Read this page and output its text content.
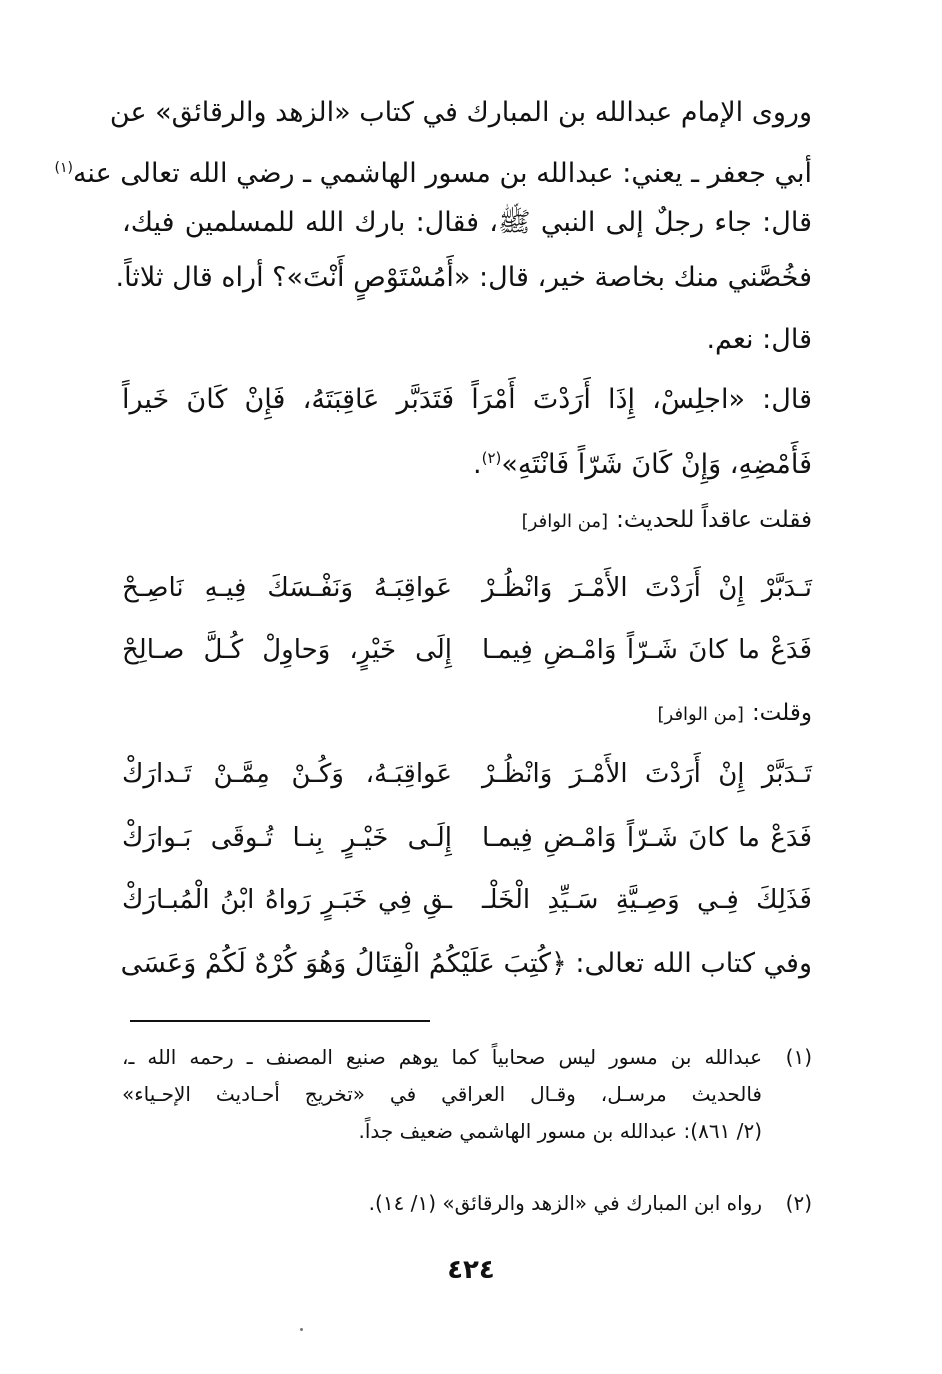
وروى الإمام عبدالله بن المبارك في كتاب «الزهد والرقائق» عن
أبي جعفر ـ يعني: عبدالله بن مسور الهاشمي ـ رضي الله تعالى عنه$^{(١)}$
قال: جاء رجلٌ إلى النبي ﷺ، فقال: بارك الله للمسلمين فيك،
فخُصَّني منك بخاصة خير، قال: «أَمُسْتَوْصٍ أَنْتَ»؟ أراه قال ثلاثاً.
قال: نعم.
قال: «اجلِسْ، إِذَا أَرَدْتَ أَمْرَاً فَتَدَبَّر عَاقِبَتَهُ، فَإِنْ كَانَ خَيراً
فَأَمْضِهِ، وَإِنْ كَانَ شَرّاً فَانْتَهِ»$^{(٢)}$.
فقلت عاقداً للحديث:[من الوافر]
تَـدَبَّرْ إِنْ أَرَدْتَ الأَمْـرَ وَانْظُـرْ
عَواقِبَـهُ وَنَفْـسَكَ فِيـهِ نَاصِـحْ
فَدَعْ ما كانَ شَـرّاً وَامْـضِ فِيمـا
إِلَى خَيْرٍ، وَحاوِلْ كُـلَّ صـالِحْ
وقلت:[من الوافر]
تَـدَبَّرْ إِنْ أَرَدْتَ الأَمْـرَ وَانْظُـرْ
عَواقِبَـهُ، وَكُـنْ مِمَّـنْ تَـدارَكْ
فَدَعْ ما كانَ شَـرّاً وَامْـضِ فِيمـا
إِلَـى خَيْـرٍ بِنـا تُـوقَى بَـوارَكْ
فَذَلِكَ فِـي وَصِـيَّةِ سَـيِّدِ الْخَلْـ
ـقِ فِي خَبَـرٍ رَواهُ ابْنُ الْمُبـارَكْ
وفي كتاب الله تعالى: ﴿كُتِبَ عَلَيْكُمُ الْقِتَالُ وَهُوَ كُرْهٌ لَكُمْ وَعَسَى
(١)
عبدالله بن مسور ليس صحابياً كما يوهم صنيع المصنف ـ رحمه الله ـ،
فالحديث مرسـل، وقـال العراقي في «تخريج أحـاديث الإحـياء»
(٢/ ٨٦١): عبدالله بن مسور الهاشمي ضعيف جداً.
(٢)
رواه ابن المبارك في «الزهد والرقائق» (١/ ١٤).
٤٢٤
